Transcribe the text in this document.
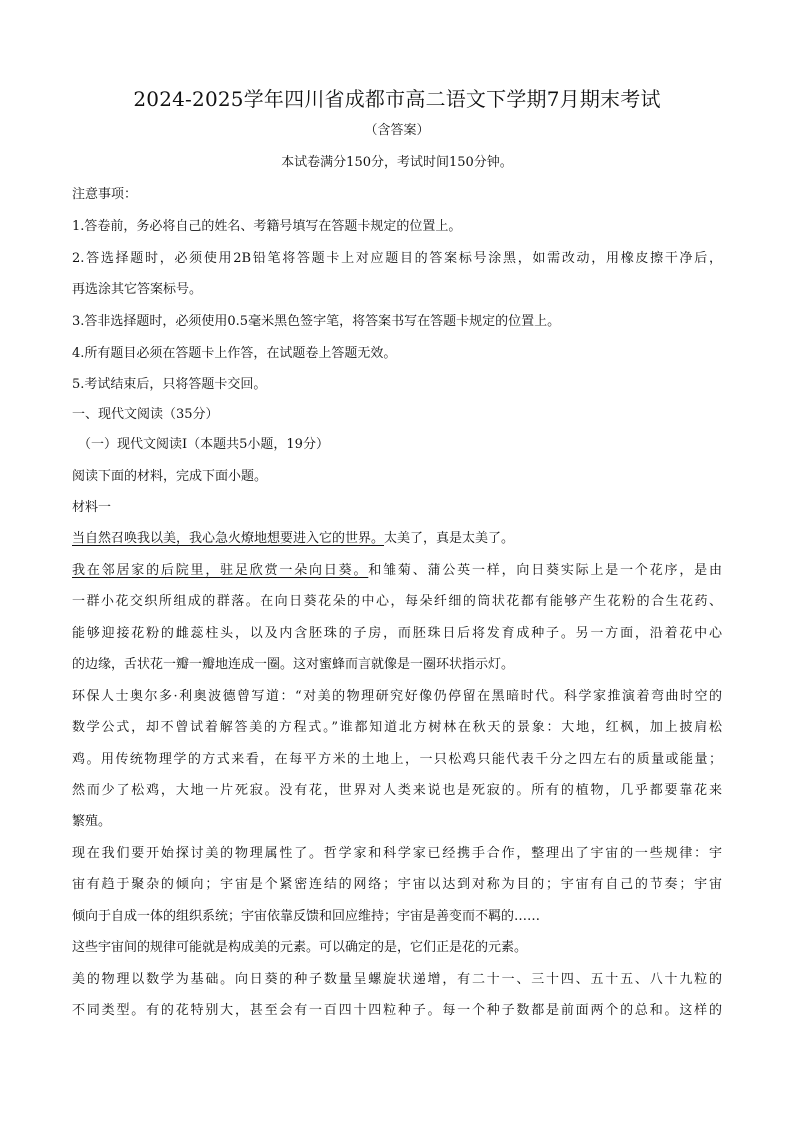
2024-2025学年四川省成都市高二语文下学期7月期末考试
（含答案）
本试卷满分150分，考试时间150分钟。
注意事项：
1.答卷前，务必将自己的姓名、考籍号填写在答题卡规定的位置上。
2.答选择题时，必须使用2B铅笔将答题卡上对应题目的答案标号涂黑，如需改动，用橡皮擦干净后，
再选涂其它答案标号。
3.答非选择题时，必须使用0.5毫米黑色签字笔，将答案书写在答题卡规定的位置上。
4.所有题目必须在答题卡上作答，在试题卷上答题无效。
5.考试结束后，只将答题卡交回。
一、现代文阅读（35分）
（一）现代文阅读Ⅰ（本题共5小题，19分）
阅读下面的材料，完成下面小题。
材料一
当自然召唤我以美，我心急火燎地想要进入它的世界。太美了，真是太美了。
我在邻居家的后院里，驻足欣赏一朵向日葵。和雏菊、蒲公英一样，向日葵实际上是一个花序，是由
一群小花交织所组成的群落。在向日葵花朵的中心，每朵纤细的筒状花都有能够产生花粉的合生花药、
能够迎接花粉的雌蕊柱头，以及内含胚珠的子房，而胚珠日后将发育成种子。另一方面，沿着花中心
的边缘，舌状花一瓣一瓣地连成一圈。这对蜜蜂而言就像是一圈环状指示灯。
环保人士奥尔多·利奥波德曾写道：“对美的物理研究好像仍停留在黑暗时代。科学家推演着弯曲时空的
数学公式，却不曾试着解答美的方程式。”谁都知道北方树林在秋天的景象：大地，红枫，加上披肩松
鸡。用传统物理学的方式来看，在每平方米的土地上，一只松鸡只能代表千分之四左右的质量或能量；
然而少了松鸡，大地一片死寂。没有花，世界对人类来说也是死寂的。所有的植物，几乎都要靠花来
繁殖。
现在我们要开始探讨美的物理属性了。哲学家和科学家已经携手合作，整理出了宇宙的一些规律：宇
宙有趋于聚杂的倾向；宇宙是个紧密连结的网络；宇宙以达到对称为目的；宇宙有自己的节奏；宇宙
倾向于自成一体的组织系统；宇宙依靠反馈和回应维持；宇宙是善变而不羁的……
这些宇宙间的规律可能就是构成美的元素。可以确定的是，它们正是花的元素。
美的物理以数学为基础。向日葵的种子数量呈螺旋状递增，有二十一、三十四、五十五、八十九粒的
不同类型。有的花特别大，甚至会有一百四十四粒种子。每一个种子数都是前面两个的总和。这样的
